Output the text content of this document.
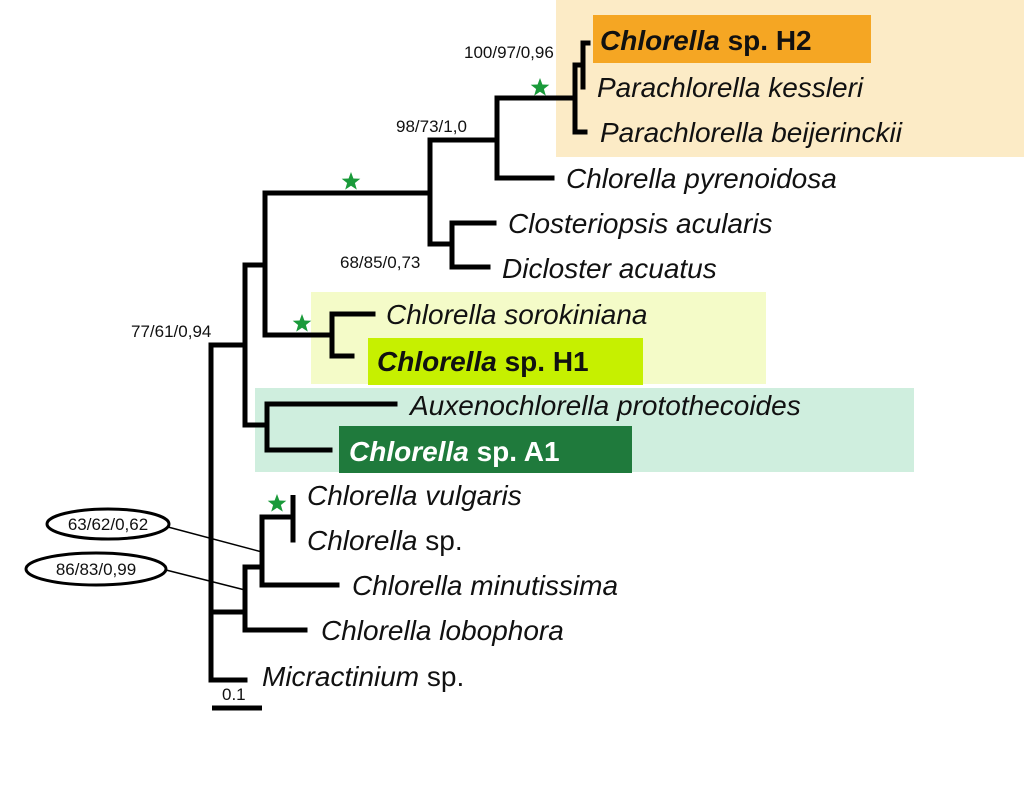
0.1
100/97/0,96
98/73/1,0
68/85/0,73
77/61/0,94
63/62/0,62
86/83/0,99
Chlorella sp. H2
Parachlorella kessleri
Parachlorella beijerinckii
Chlorella pyrenoidosa
Closteriopsis acularis
Dicloster acuatus
Chlorella sorokiniana
Chlorella sp. H1
Auxenochlorella protothecoides
Chlorella sp. A1
Chlorella vulgaris
Chlorella sp.
Chlorella minutissima
Chlorella lobophora
Micractinium sp.
